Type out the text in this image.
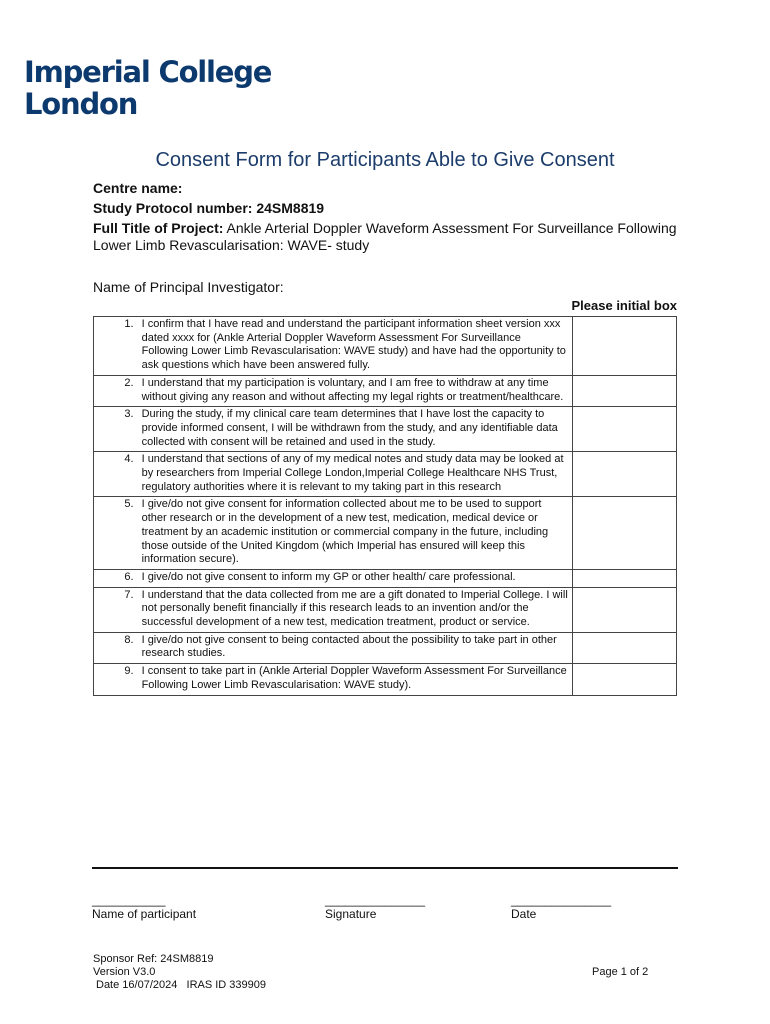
Imperial College
London
Consent Form for Participants Able to Give Consent
Centre name:
Study Protocol number: 24SM8819
Full Title of Project: Ankle Arterial Doppler Waveform Assessment For Surveillance Following Lower Limb Revascularisation: WAVE- study
Name of Principal Investigator:
Please initial box
1.	I confirm that I have read and understand the participant information sheet version xxx dated xxxx for (Ankle Arterial Doppler Waveform Assessment For Surveillance Following Lower Limb Revascularisation: WAVE study) and have had the opportunity to ask questions which have been answered fully.	
2.	I understand that my participation is voluntary, and I am free to withdraw at any time without giving any reason and without affecting my legal rights or treatment/healthcare.	
3.	During the study, if my clinical care team determines that I have lost the capacity to provide informed consent, I will be withdrawn from the study, and any identifiable data collected with consent will be retained and used in the study.	
4.	I understand that sections of any of my medical notes and study data may be looked at by researchers from Imperial College London,Imperial College Healthcare NHS Trust, regulatory authorities where it is relevant to my taking part in this research	
5.	I give/do not give consent for information collected about me to be used to support other research or in the development of a new test, medication, medical device or treatment by an academic institution or commercial company in the future, including those outside of the United Kingdom (which Imperial has ensured will keep this information secure).	
6.	I give/do not give consent to inform my GP or other health/ care professional.	
7.	I understand that the data collected from me are a gift donated to Imperial College. I will not personally benefit financially if this research leads to an invention and/or the successful development of a new test, medication treatment, product or service.	
8.	I give/do not give consent to being contacted about the possibility to take part in other research studies.	
9.	I consent to take part in (Ankle Arterial Doppler Waveform Assessment For Surveillance Following Lower Limb Revascularisation: WAVE study).	
___________
Name of participant
_______________
Signature
_______________
Date
Sponsor Ref: 24SM8819
Version V3.0
Date 16/07/2024   IRAS ID 339909
Page 1 of 2
